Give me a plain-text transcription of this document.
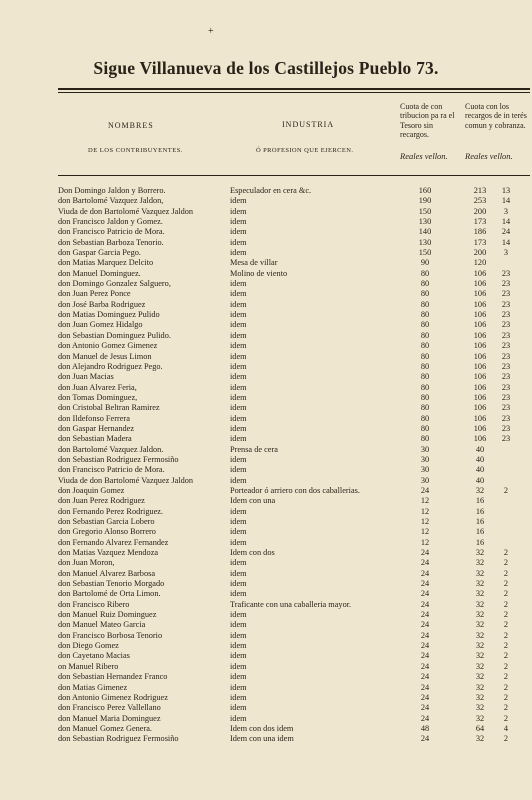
+
Sigue Villanueva de los Castillejos Pueblo 73.
NOMBRES
DE LOS CONTRIBUYENTES.
INDUSTRIA
Ó PROFESION QUE EJERCEN.
Cuota de con tribucion pa ra el Tesoro sin recargos.
Cuota con los recargos de in terés comun y cobranza.
Reales vellon. Reales vellon.
Don Domingo Jaldon y Borrero.	Especulador en cera &c.	160	213	13
don Bartolomé Vazquez Jaldon,	idem	190	253	14
Viuda de don Bartolomé Vazquez Jaldon	idem	150	200	3
don Francisco Jaldon y Gomez.	idem	130	173	14
don Francisco Patricio de Mora.	idem	140	186	24
don Sebastian Barboza Tenorio.	idem	130	173	14
don Gaspar Garcia Pego.	idem	150	200	3
don Matias Marquez Delcito	Mesa de villar	90	120
don Manuel Dominguez.	Molino de viento	80	106	23
don Domingo Gonzalez Salguero,	idem	80	106	23
don Juan Perez Ponce	idem	80	106	23
don José Barba Rodriguez	idem	80	106	23
don Matias Dominguez Pulido	idem	80	106	23
don Juan Gomez Hidalgo	idem	80	106	23
don Sebastian Dominguez Pulido.	idem	80	106	23
don Antonio Gomez Gimenez	idem	80	106	23
don Manuel de Jesus Limon	idem	80	106	23
don Alejandro Rodriguez Pego.	idem	80	106	23
don Juan Macias	idem	80	106	23
don Juan Alvarez Feria,	idem	80	106	23
don Tomas Dominguez,	idem	80	106	23
don Cristobal Beltran Ramirez	idem	80	106	23
don Ildefonso Ferrera	idem	80	106	23
don Gaspar Hernandez	idem	80	106	23
don Sebastian Madera	idem	80	106	23
don Bartolomé Vazquez Jaldon.	Prensa de cera	30	40
don Sebastian Rodriguez Fermosiño	idem	30	40
don Francisco Patricio de Mora.	idem	30	40
Viuda de don Bartolomé Vazquez Jaldon	idem	30	40
don Joaquin Gomez	Porteador ó arriero con dos caballerias.	24	32	2
don Juan Perez Rodriguez	Idem con una	12	16
don Fernando Perez Rodriguez.	idem	12	16
don Sebastian Garcia Lobero	idem	12	16
don Gregorio Alonso Borrero	idem	12	16
don Fernando Alvarez Fernandez	idem	12	16
don Matias Vazquez Mendoza	Idem con dos	24	32	2
don Juan Moron,	idem	24	32	2
don Manuel Alvarez Barbosa	idem	24	32	2
don Sebastian Tenorio Morgado	idem	24	32	2
don Bartolomé de Orta Limon.	idem	24	32	2
don Francisco Ribero	Traficante con una caballeria mayor.	24	32	2
don Manuel Ruiz Dominguez	idem	24	32	2
don Manuel Mateo Garcia	idem	24	32	2
don Francisco Borbosa Tenorio	idem	24	32	2
don Diego Gomez	idem	24	32	2
don Cayetano Macias	idem	24	32	2
on Manuel Ribero	idem	24	32	2
don Sebastian Hernandez Franco	idem	24	32	2
don Matias Gimenez	idem	24	32	2
don Antonio Gimenez Rodriguez	idem	24	32	2
don Francisco Perez Vallellano	idem	24	32	2
don Manuel Maria Dominguez	idem	24	32	2
don Manuel Gomez Genera.	Idem con dos idem	48	64	4
don Sebastian Rodriguez Fermosiño	Idem con una idem	24	32	2
